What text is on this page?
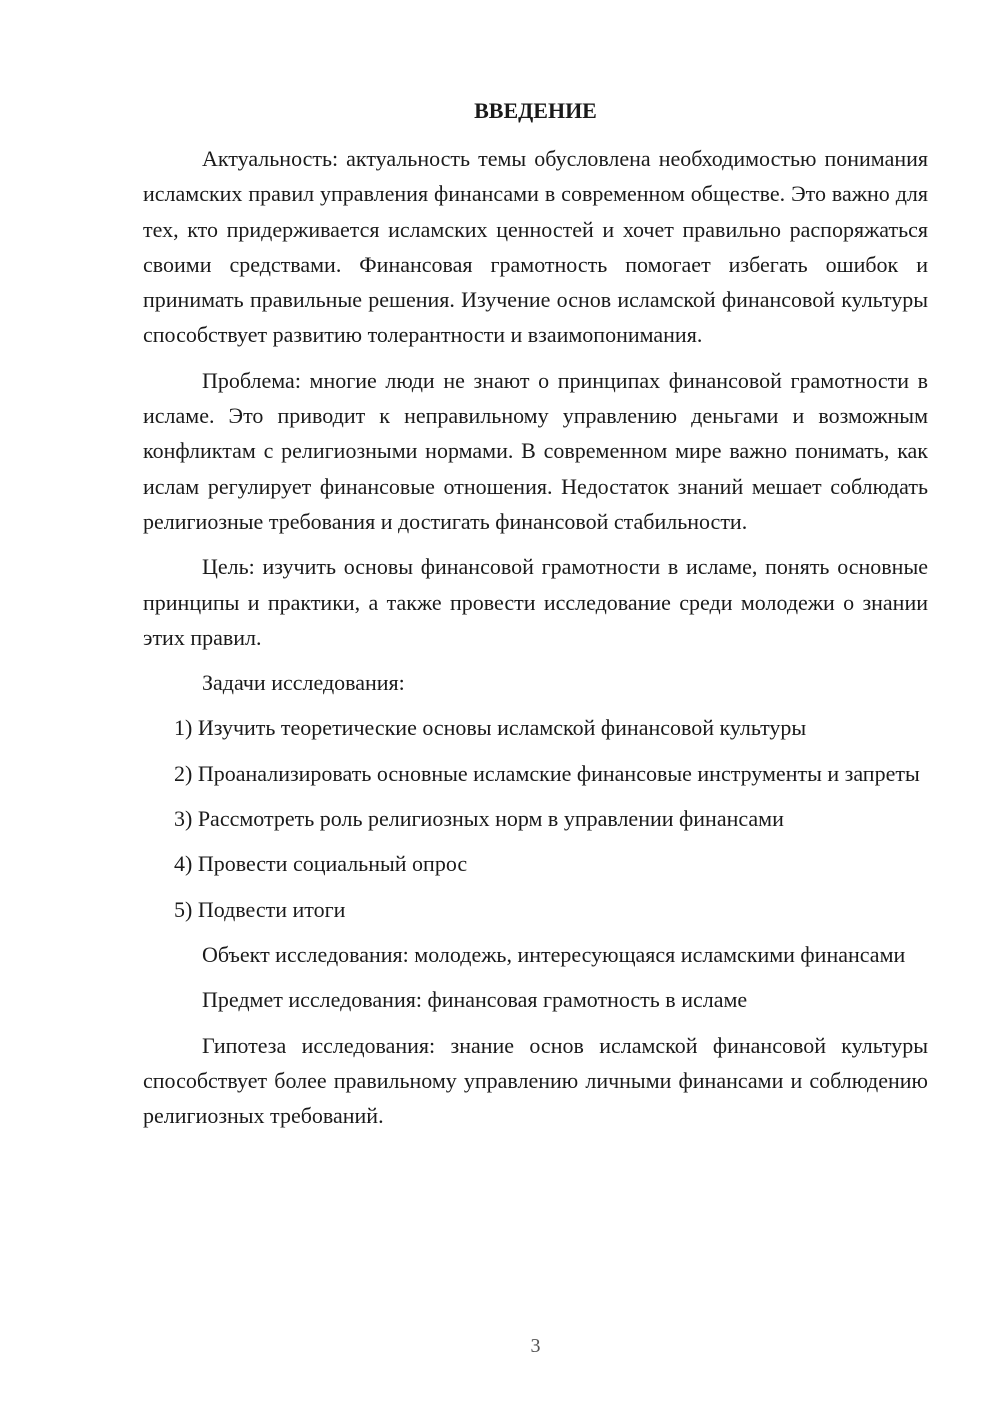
ВВЕДЕНИЕ

Актуальность: актуальность темы обусловлена необходимостью понимания исламских правил управления финансами в современном обществе. Это важно для тех, кто придерживается исламских ценностей и хочет правильно распоряжаться своими средствами. Финансовая грамотность помогает избегать ошибок и принимать правильные решения. Изучение основ исламской финансовой культуры способствует развитию толерантности и взаимопонимания.

Проблема: многие люди не знают о принципах финансовой грамотности в исламе. Это приводит к неправильному управлению деньгами и возможным конфликтам с религиозными нормами. В современном мире важно понимать, как ислам регулирует финансовые отношения. Недостаток знаний мешает соблюдать религиозные требования и достигать финансовой стабильности.

Цель: изучить основы финансовой грамотности в исламе, понять основные принципы и практики, а также провести исследование среди молодежи о знании этих правил.

Задачи исследования:

1) Изучить теоретические основы исламской финансовой культуры

2) Проанализировать основные исламские финансовые инструменты и запреты

3) Рассмотреть роль религиозных норм в управлении финансами

4) Провести социальный опрос

5) Подвести итоги

Объект исследования: молодежь, интересующаяся исламскими финансами

Предмет исследования: финансовая грамотность в исламе

Гипотеза исследования: знание основ исламской финансовой культуры способствует более правильному управлению личными финансами и соблюдению религиозных требований.

3
